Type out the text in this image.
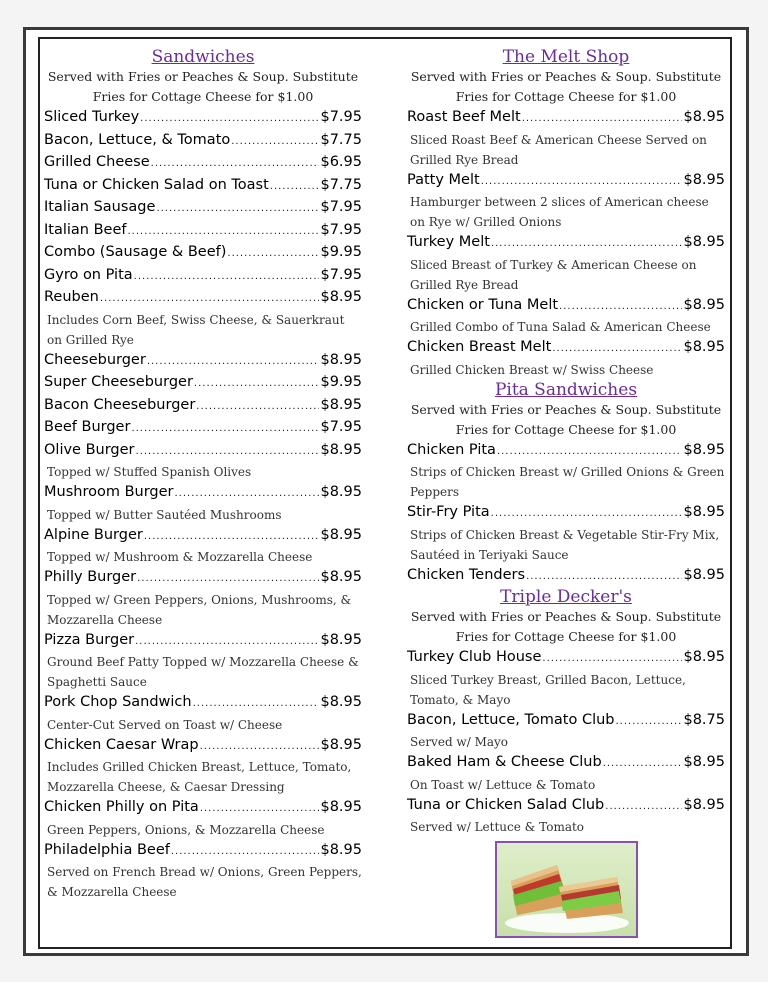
Sandwiches
Served with Fries or Peaches & Soup. Substitute
Fries for Cottage Cheese for $1.00
Sliced Turkey .....	$7.95
Bacon, Lettuce, & Tomato .....	$7.75
Grilled Cheese .....	$6.95
Tuna or Chicken Salad on Toast .....	$7.75
Italian Sausage .....	$7.95
Italian Beef .....	$7.95
Combo (Sausage & Beef) .....	$9.95
Gyro on Pita .....	$7.95
Reuben .....	$8.95
Includes Corn Beef, Swiss Cheese, & Sauerkraut on Grilled Rye
Cheeseburger .....	$8.95
Super Cheeseburger .....	$9.95
Bacon Cheeseburger .....	$8.95
Beef Burger .....	$7.95
Olive Burger .....	$8.95
Topped w/ Stuffed Spanish Olives
Mushroom Burger .....	$8.95
Topped w/ Butter Sautéed Mushrooms
Alpine Burger .....	$8.95
Topped w/ Mushroom & Mozzarella Cheese
Philly Burger .....	$8.95
Topped w/ Green Peppers, Onions, Mushrooms, & Mozzarella Cheese
Pizza Burger .....	$8.95
Ground Beef Patty Topped w/ Mozzarella Cheese & Spaghetti Sauce
Pork Chop Sandwich .....	$8.95
Center-Cut Served on Toast w/ Cheese
Chicken Caesar Wrap .....	$8.95
Includes Grilled Chicken Breast, Lettuce, Tomato, Mozzarella Cheese, & Caesar Dressing
Chicken Philly on Pita .....	$8.95
Green Peppers, Onions, & Mozzarella Cheese
Philadelphia Beef .....	$8.95
Served on French Bread w/ Onions, Green Peppers, & Mozzarella Cheese
The Melt Shop
Served with Fries or Peaches & Soup. Substitute
Fries for Cottage Cheese for $1.00
Roast Beef Melt .....	$8.95
Sliced Roast Beef & American Cheese Served on Grilled Rye Bread
Patty Melt .....	$8.95
Hamburger between 2 slices of American cheese on Rye w/ Grilled Onions
Turkey Melt .....	$8.95
Sliced Breast of Turkey & American Cheese on Grilled Rye Bread
Chicken or Tuna Melt .....	$8.95
Grilled Combo of Tuna Salad & American Cheese
Chicken Breast Melt .....	$8.95
Grilled Chicken Breast w/ Swiss Cheese
Pita Sandwiches
Served with Fries or Peaches & Soup. Substitute
Fries for Cottage Cheese for $1.00
Chicken Pita .....	$8.95
Strips of Chicken Breast w/ Grilled Onions & Green Peppers
Stir-Fry Pita .....	$8.95
Strips of Chicken Breast & Vegetable Stir-Fry Mix, Sautéed in Teriyaki Sauce
Chicken Tenders .....	$8.95
Triple Decker's
Served with Fries or Peaches & Soup. Substitute
Fries for Cottage Cheese for $1.00
Turkey Club House .....	$8.95
Sliced Turkey Breast, Grilled Bacon, Lettuce, Tomato, & Mayo
Bacon, Lettuce, Tomato Club .....	$8.75
Served w/ Mayo
Baked Ham & Cheese Club .....	$8.95
On Toast w/ Lettuce & Tomato
Tuna or Chicken Salad Club .....	$8.95
Served w/ Lettuce & Tomato
